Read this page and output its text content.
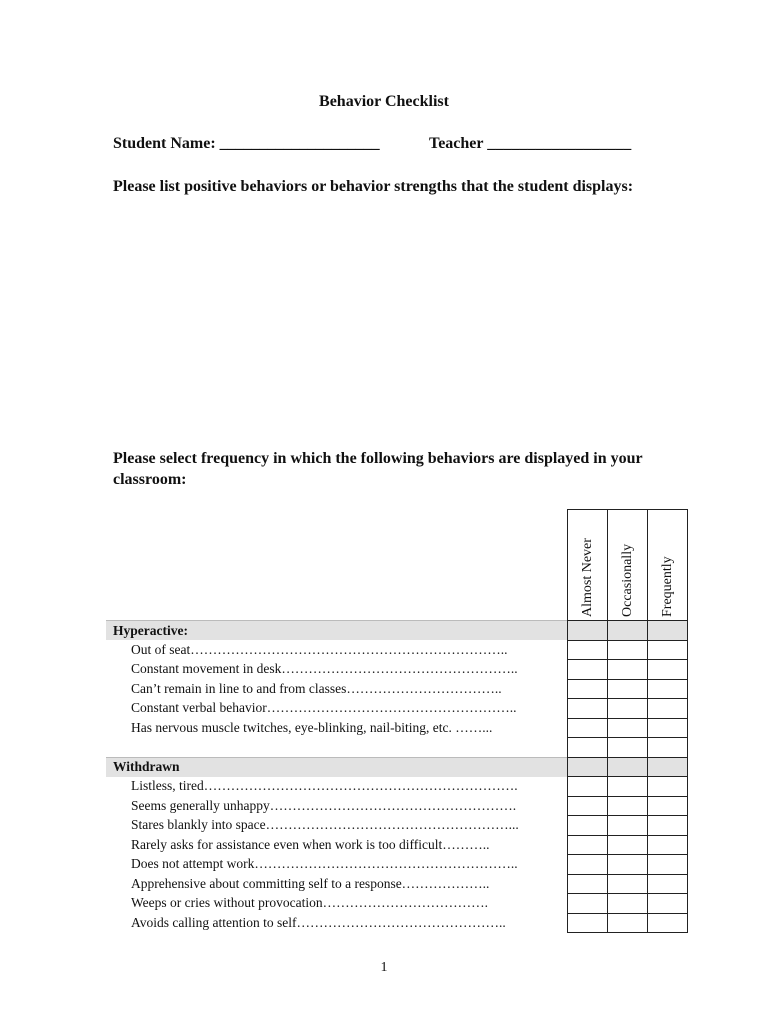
Behavior Checklist
Student Name: ____________________	Teacher __________________
Please list positive behaviors or behavior strengths that the student displays:
Please select frequency in which the following behaviors are displayed in your classroom:

	Almost Never	Occasionally	Frequently

Hyperactive:			
Out of seat……………………………………………………………..			
Constant movement in desk……………………………………………..			
Can’t remain in line to and from classes……………………………..			
Constant verbal behavior………………………………………………..			
Has nervous muscle twitches, eye-blinking, nail-biting, etc. ……...			

Withdrawn			
Listless, tired…………………………………………………………….			
Seems generally unhappy……………………………………………….			
Stares blankly into space………………………………………………...			
Rarely asks for assistance even when work is too difficult………..			
Does not attempt work…………………………………………………..			
Apprehensive about committing self to a response………………..			
Weeps or cries without provocation……………………………….			
Avoids calling attention to self………………………………………..			
1
